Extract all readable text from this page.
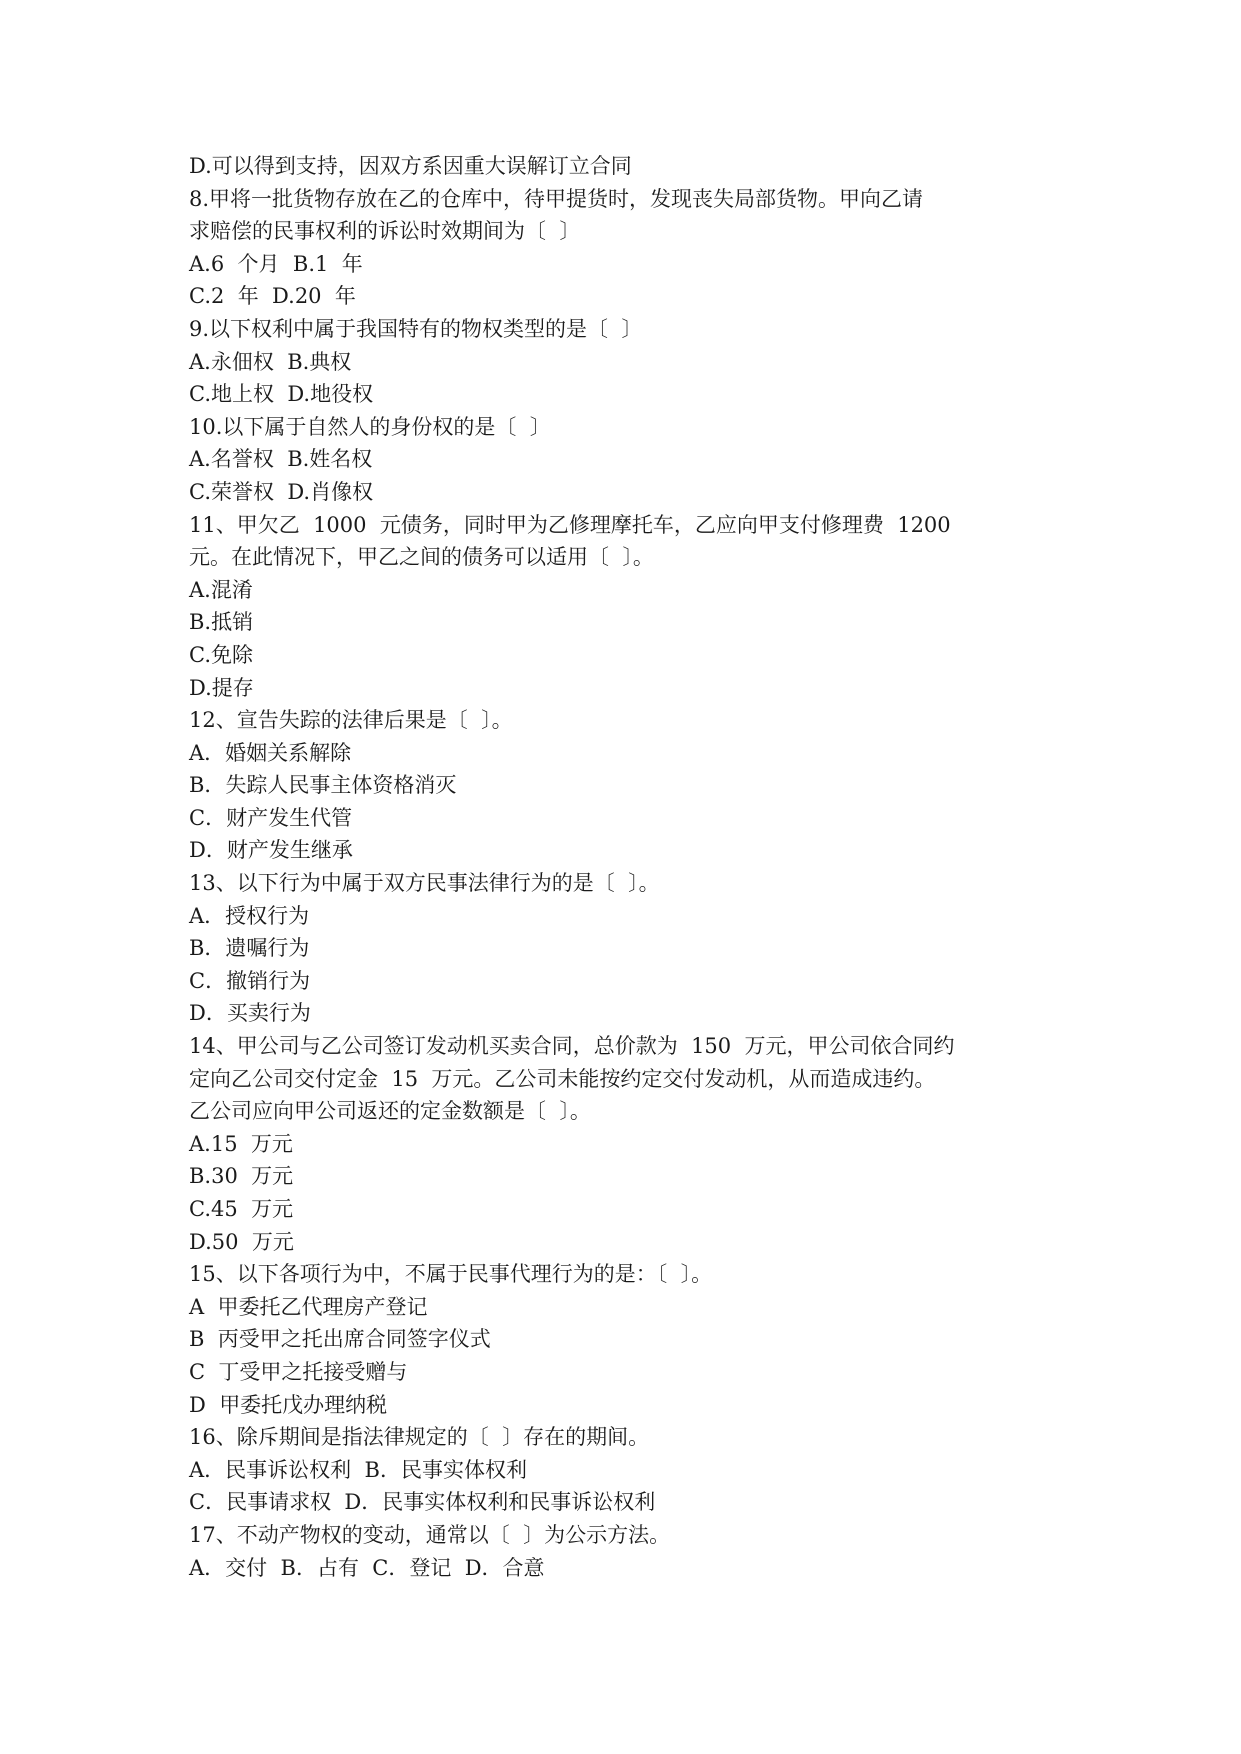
D.可以得到支持，因双方系因重大误解订立合同
8.甲将一批货物存放在乙的仓库中，待甲提货时，发现丧失局部货物。甲向乙请
求赔偿的民事权利的诉讼时效期间为〔  〕
A.6  个月  B.1  年
C.2  年  D.20  年
9.以下权利中属于我国特有的物权类型的是〔  〕
A.永佃权  B.典权
C.地上权  D.地役权
10.以下属于自然人的身份权的是〔  〕
A.名誉权  B.姓名权
C.荣誉权  D.肖像权
11、甲欠乙  1000  元债务，同时甲为乙修理摩托车，乙应向甲支付修理费  1200
元。在此情况下，甲乙之间的债务可以适用〔  〕。
A.混淆
B.抵销
C.免除
D.提存
12、宣告失踪的法律后果是〔  〕。
A．婚姻关系解除
B．失踪人民事主体资格消灭
C．财产发生代管
D．财产发生继承
13、以下行为中属于双方民事法律行为的是〔  〕。
A．授权行为
B．遗嘱行为
C．撤销行为
D．买卖行为
14、甲公司与乙公司签订发动机买卖合同，总价款为  150  万元，甲公司依合同约
定向乙公司交付定金  15  万元。乙公司未能按约定交付发动机，从而造成违约。
乙公司应向甲公司返还的定金数额是〔  〕。
A.15  万元
B.30  万元
C.45  万元
D.50  万元
15、以下各项行为中，不属于民事代理行为的是：〔  〕。
A  甲委托乙代理房产登记
B  丙受甲之托出席合同签字仪式
C  丁受甲之托接受赠与
D  甲委托戊办理纳税
16、除斥期间是指法律规定的〔  〕存在的期间。
A．民事诉讼权利  B．民事实体权利
C．民事请求权  D．民事实体权利和民事诉讼权利
17、不动产物权的变动，通常以〔  〕为公示方法。
A．交付  B．占有  C．登记  D．合意
